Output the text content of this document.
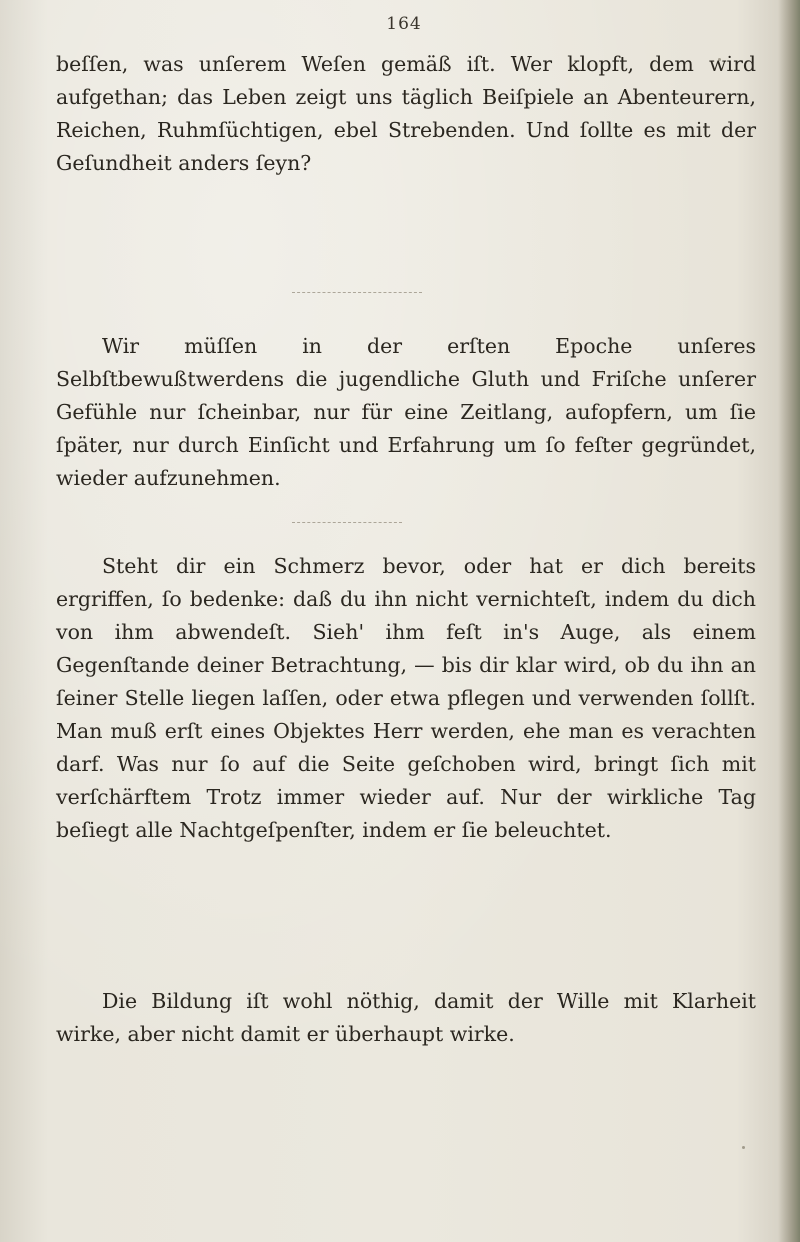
164

beſſen, was unſerem Weſen gemäß iſt. Wer klopft, dem wird aufgethan; das Leben zeigt uns täglich Beiſpiele an Abenteurern, Reichen, Ruhmſüchtigen, ebel Strebenden. Und ſollte es mit der Geſundheit anders ſeyn?

Wir müſſen in der erſten Epoche unſeres Selbſtbewußtwerdens die jugendliche Gluth und Friſche unſerer Gefühle nur ſcheinbar, nur für eine Zeitlang, aufopfern, um ſie ſpäter, nur durch Einſicht und Erfahrung um ſo feſter gegründet, wieder aufzunehmen.

Steht dir ein Schmerz bevor, oder hat er dich bereits ergriffen, ſo bedenke: daß du ihn nicht vernichteſt, indem du dich von ihm abwendeſt. Sieh' ihm feſt in's Auge, als einem Gegenſtande deiner Betrachtung, — bis dir klar wird, ob du ihn an ſeiner Stelle liegen laſſen, oder etwa pflegen und verwenden ſollſt. Man muß erſt eines Objektes Herr werden, ehe man es verachten darf. Was nur ſo auf die Seite geſchoben wird, bringt ſich mit verſchärftem Trotz immer wieder auf. Nur der wirkliche Tag beſiegt alle Nachtgeſpenſter, indem er ſie beleuchtet.

Die Bildung iſt wohl nöthig, damit der Wille mit Klarheit wirke, aber nicht damit er überhaupt wirke.
